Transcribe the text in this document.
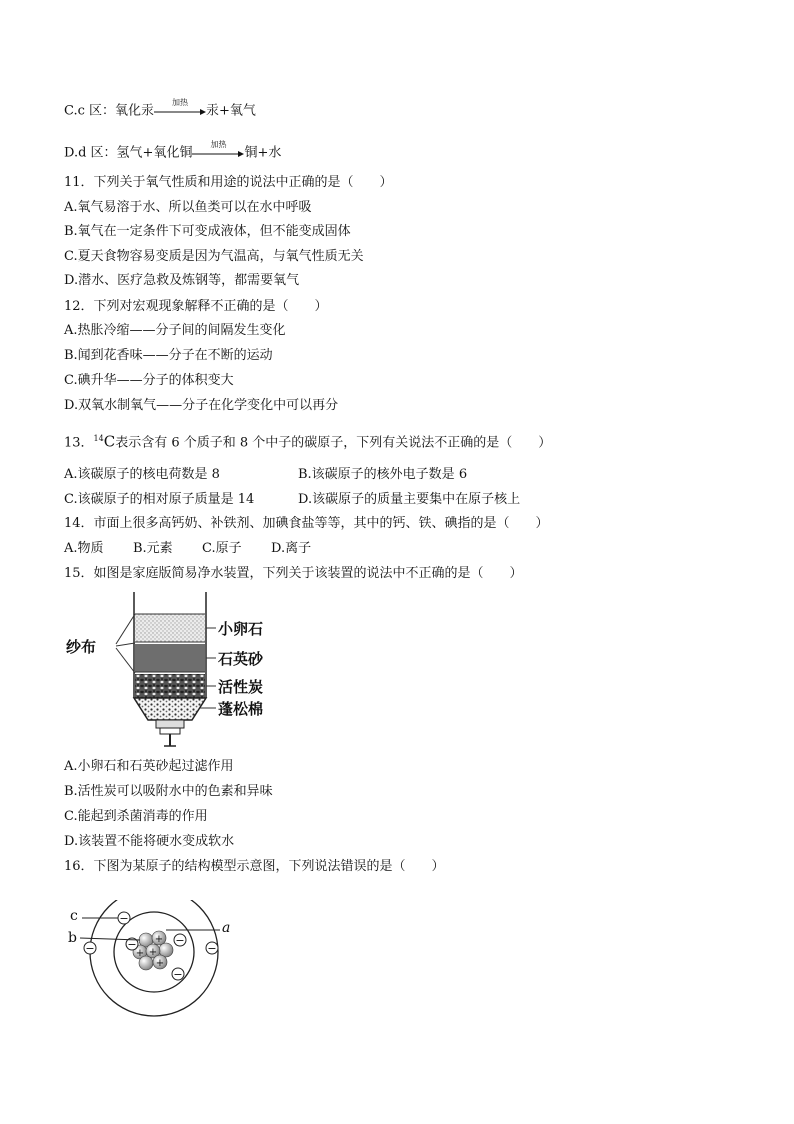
C.c 区：氧化汞
加热
汞+氧气
D.d 区：氢气+氧化铜
加热
铜+水
11．下列关于氧气性质和用途的说法中正确的是（　　）
A.氧气易溶于水、所以鱼类可以在水中呼吸
B.氧气在一定条件下可变成液体，但不能变成固体
C.夏天食物容易变质是因为气温高，与氧气性质无关
D.潜水、医疗急救及炼钢等，都需要氧气
12．下列对宏观现象解释不正确的是（　　）
A.热胀冷缩——分子间的间隔发生变化
B.闻到花香味——分子在不断的运动
C.碘升华——分子的体积变大
D.双氧水制氧气——分子在化学变化中可以再分
13．$^{14}$C表示含有 6 个质子和 8 个中子的碳原子，下列有关说法不正确的是（　　）
A.该碳原子的核电荷数是 8	B.该碳原子的核外电子数是 6
C.该碳原子的相对原子质量是 14	D.该碳原子的质量主要集中在原子核上
14．市面上很多高钙奶、补铁剂、加碘食盐等等，其中的钙、铁、碘指的是（　　）
A.物质 B.元素 C.原子 D.离子
15．如图是家庭版简易净水装置，下列关于该装置的说法中不正确的是（　　）
纱布
小卵石
石英砂
活性炭
蓬松棉
A.小卵石和石英砂起过滤作用
B.活性炭可以吸附水中的色素和异味
C.能起到杀菌消毒的作用
D.该装置不能将硬水变成软水
16．下图为某原子的结构模型示意图，下列说法错误的是（　　）
+
+ +
+
−
−	−	−
−
−
c
b
a
